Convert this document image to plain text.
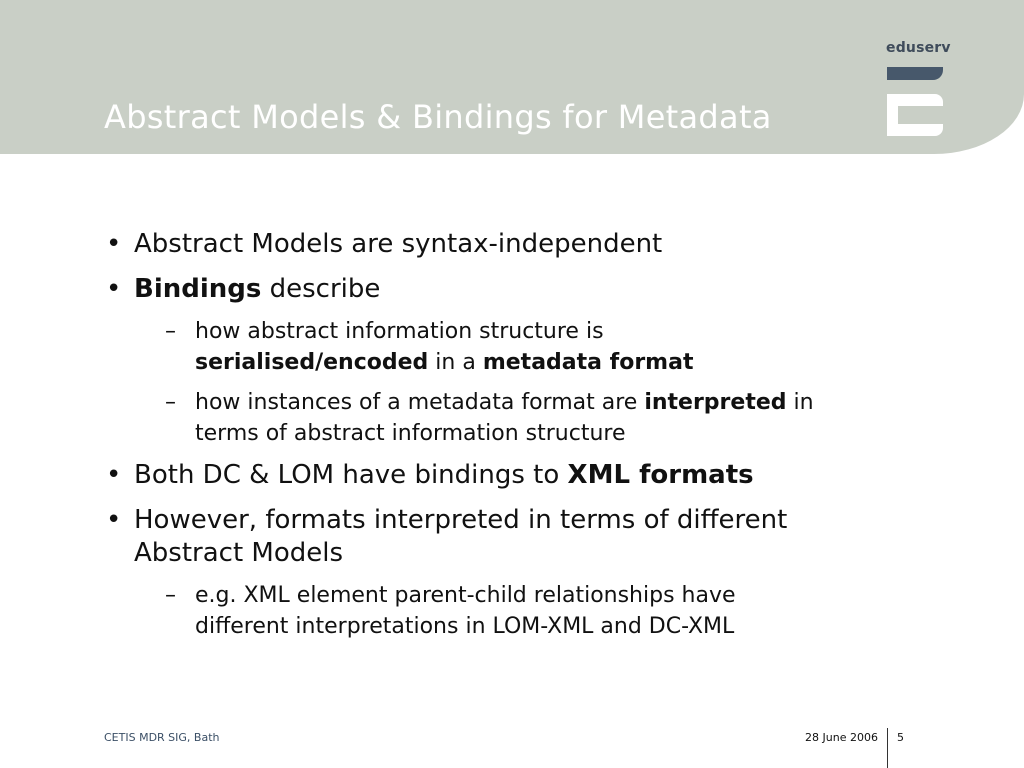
Abstract Models & Bindings for Metadata
eduserv
• Abstract Models are syntax-independent
• Bindings describe
– how abstract information structure is
serialised/encoded in a metadata format
– how instances of a metadata format are interpreted in
terms of abstract information structure
• Both DC & LOM have bindings to XML formats
• However, formats interpreted in terms of different
Abstract Models
– e.g. XML element parent-child relationships have
different interpretations in LOM-XML and DC-XML
CETIS MDR SIG, Bath	28 June 2006 5
